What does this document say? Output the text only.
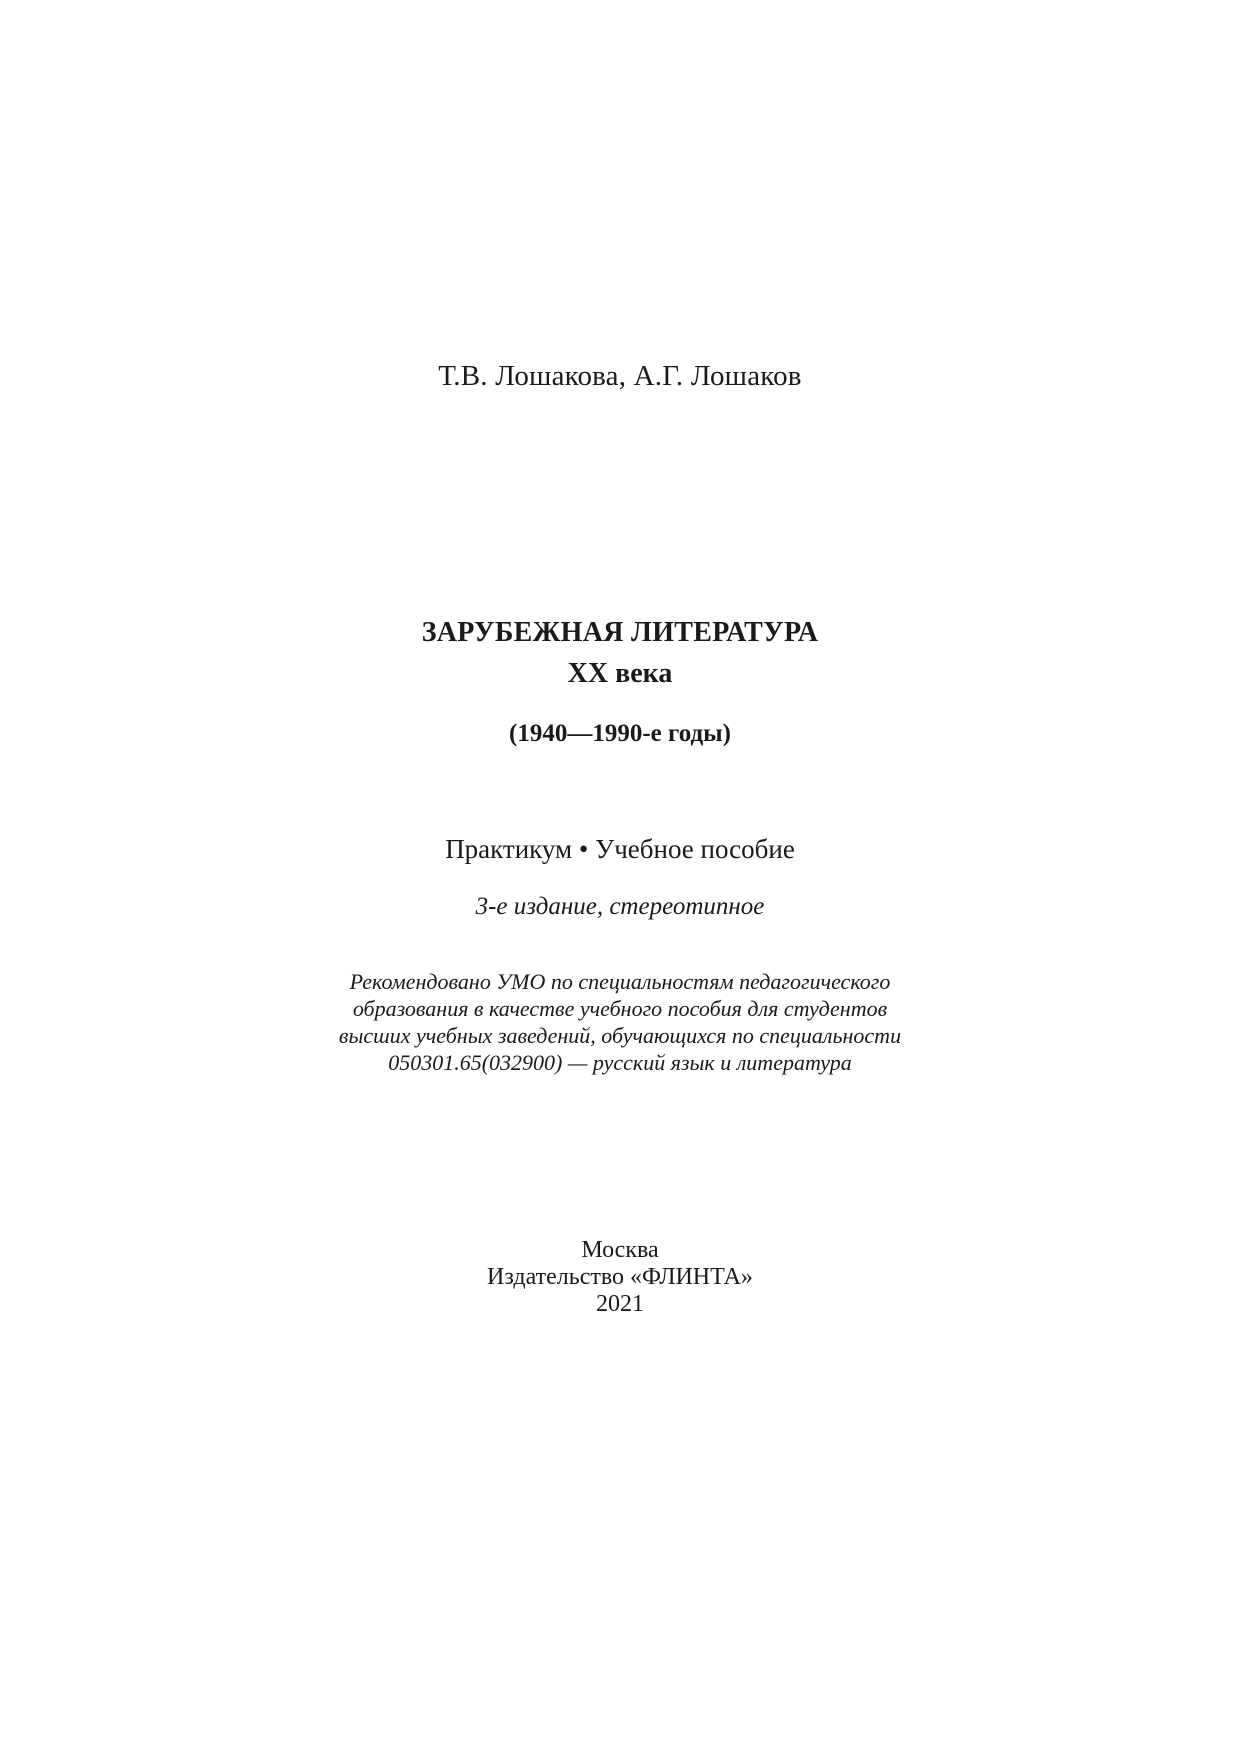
Т.В. Лошакова, А.Г. Лошаков
ЗАРУБЕЖНАЯ ЛИТЕРАТУРА
XX века
(1940—1990-е годы)
Практикум • Учебное пособие
3-е издание, стереотипное
Рекомендовано УМО по специальностям педагогического
образования в качестве учебного пособия для студентов
высших учебных заведений, обучающихся по специальности
050301.65(032900) — русский язык и литература
Москва
Издательство «ФЛИНТА»
2021
